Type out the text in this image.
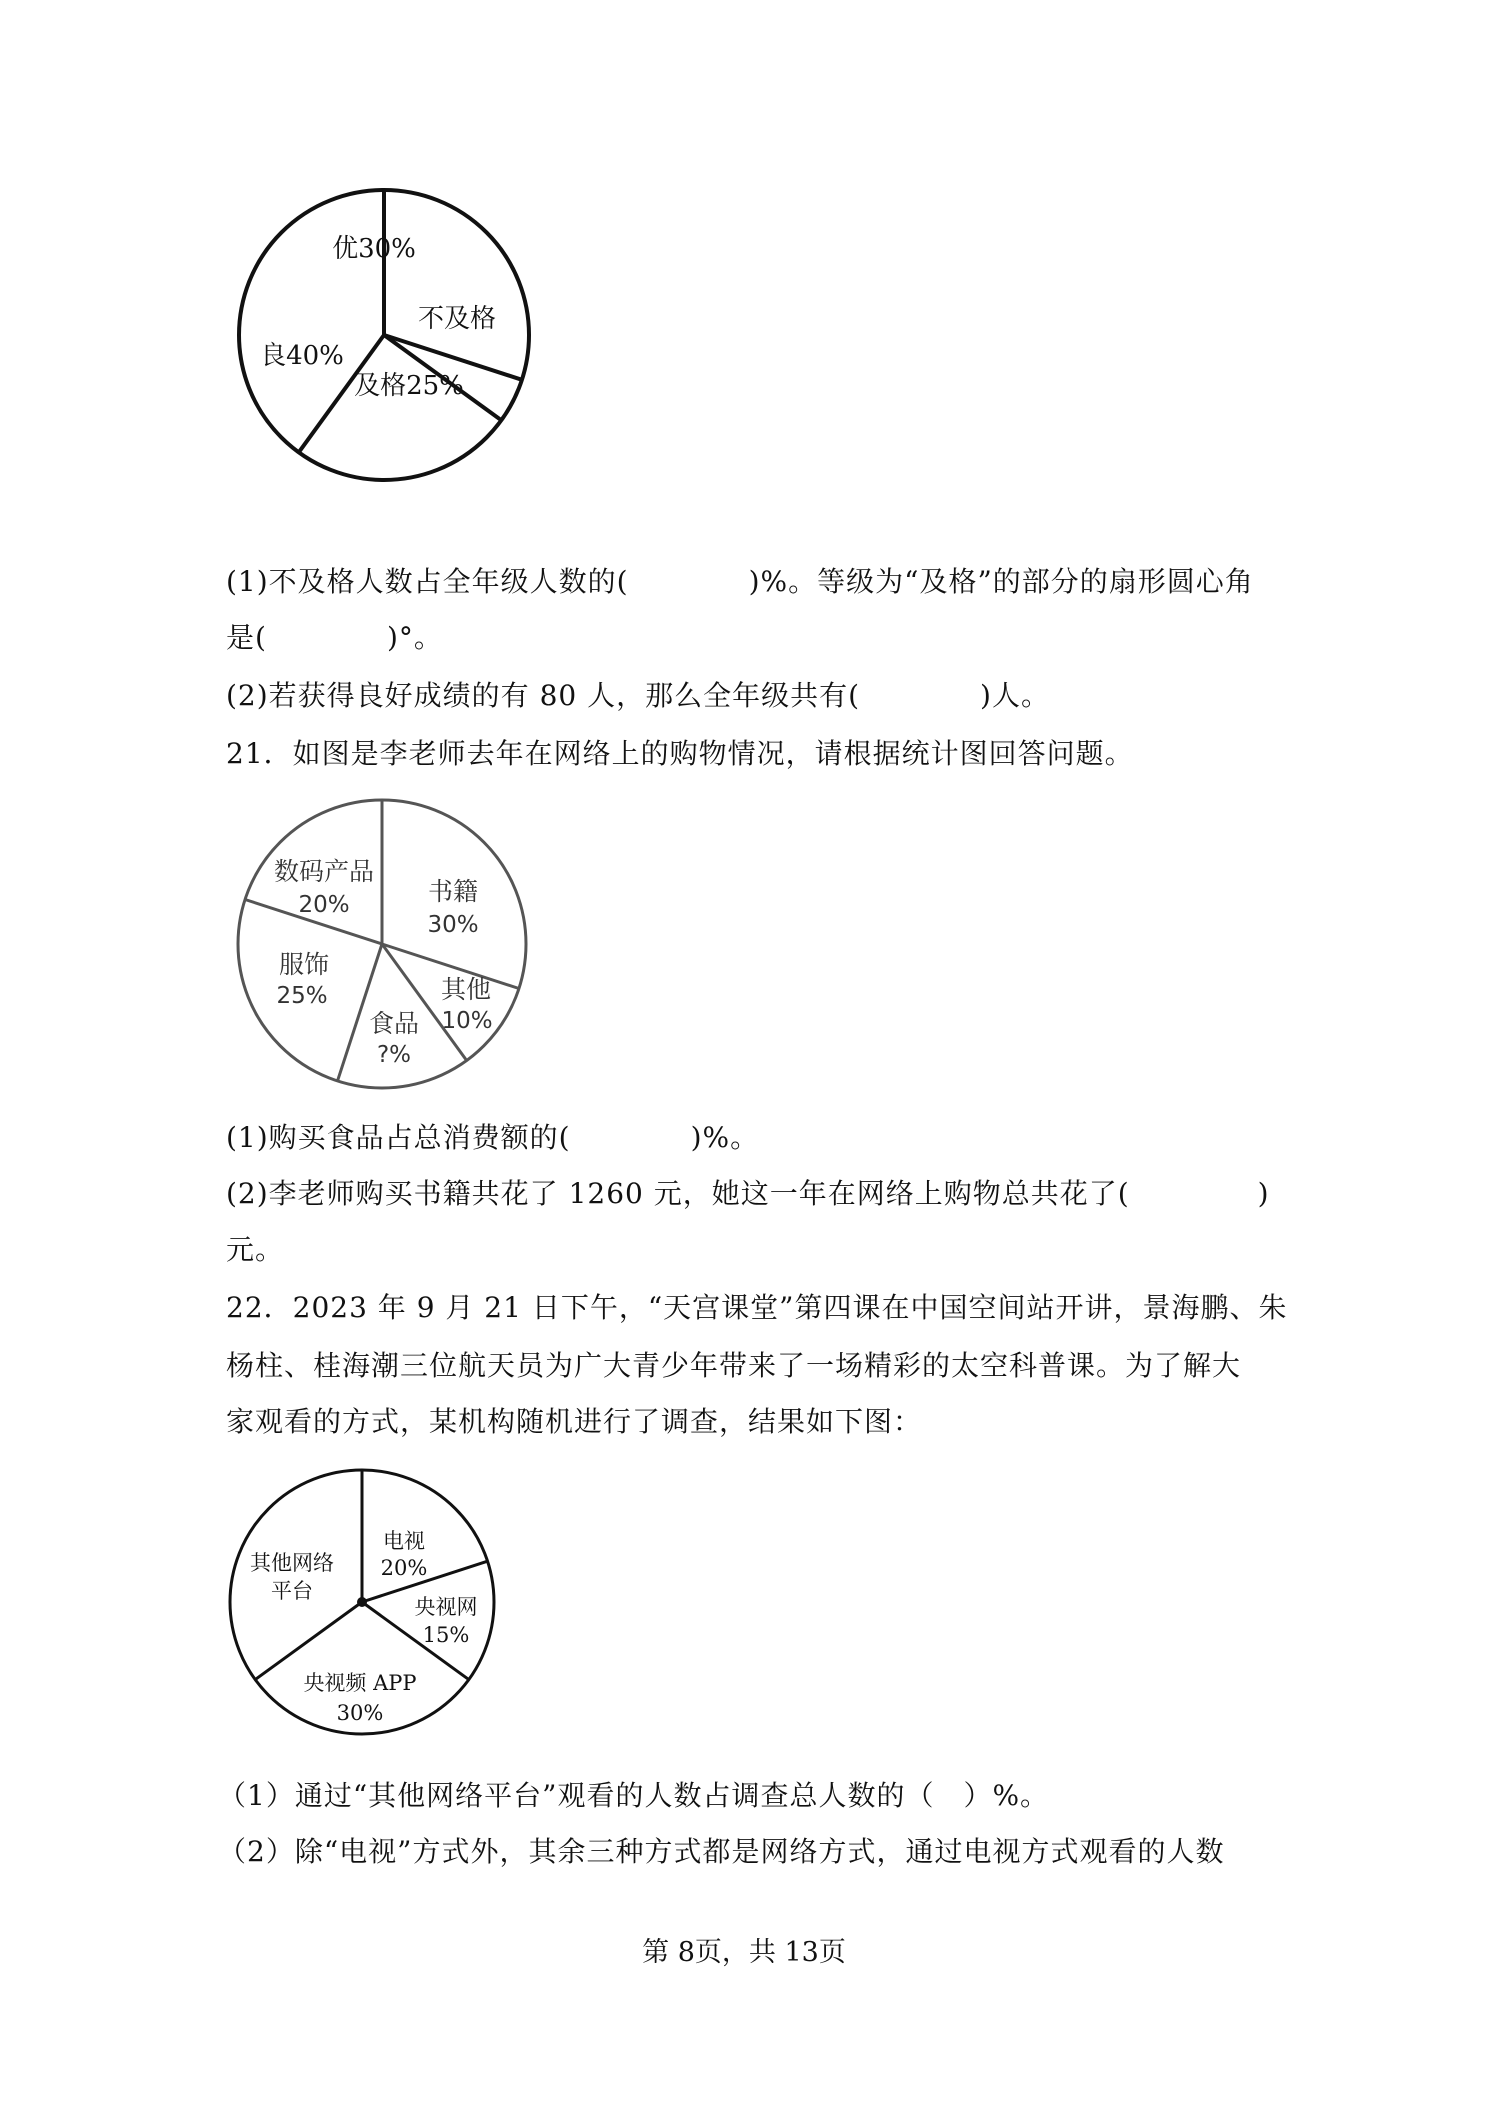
优30%
不及格
及格25%
良40%
(1)不及格人数占全年级人数的(	)%。等级为“及格”的部分的扇形圆心角
是(	)°。
(2)若获得良好成绩的有 80 人，那么全年级共有(	)人。
21．如图是李老师去年在网络上的购物情况，请根据统计图回答问题。
书籍
30%
其他
10%
食品
?%
服饰
25%
数码产品
20%
(1)购买食品占总消费额的(	)%。
(2)李老师购买书籍共花了 1260 元，她这一年在网络上购物总共花了(	)
元。
22．2023 年 9 月 21 日下午，“天宫课堂”第四课在中国空间站开讲，景海鹏、朱
杨柱、桂海潮三位航天员为广大青少年带来了一场精彩的太空科普课。为了解大
家观看的方式，某机构随机进行了调查，结果如下图：
电视
20%
央视网
15%
央视频 APP
30%
其他网络
平台
（1）通过“其他网络平台”观看的人数占调查总人数的（　）%。
（2）除“电视”方式外，其余三种方式都是网络方式，通过电视方式观看的人数
第 8页，共 13页
